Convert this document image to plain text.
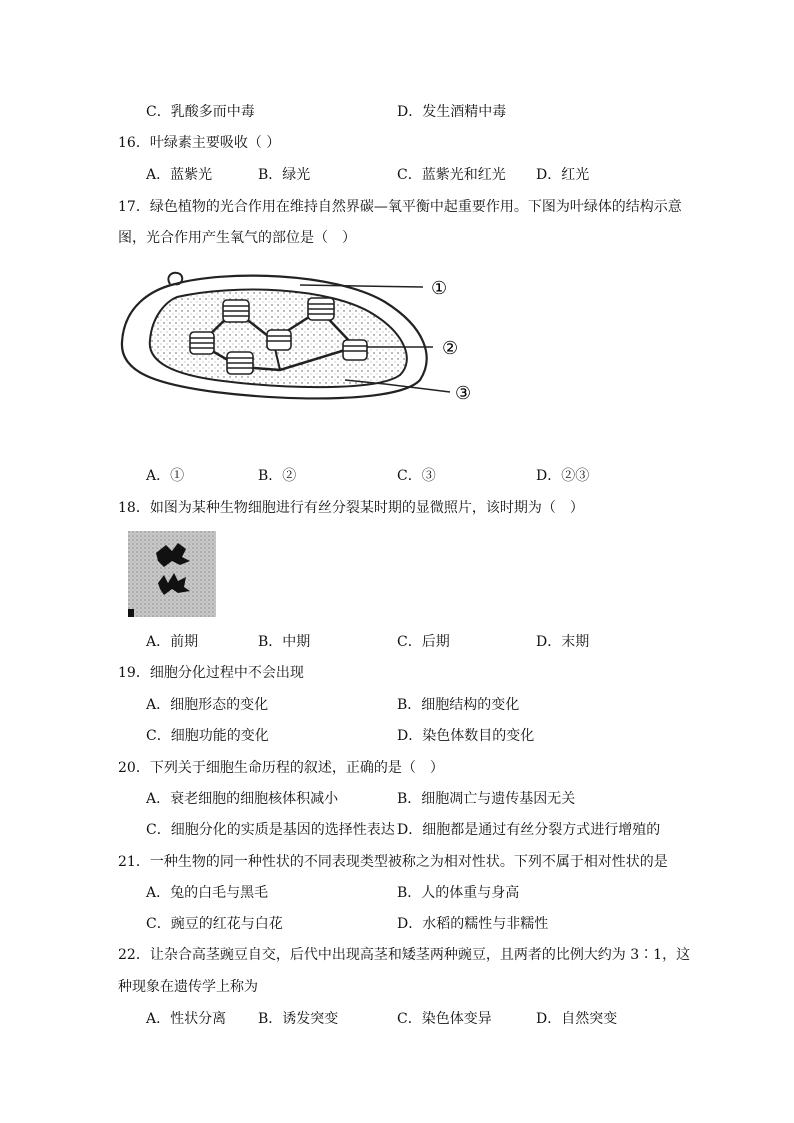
C．乳酸多而中毒	D．发生酒精中毒
16．叶绿素主要吸收（ ）
A．蓝紫光	B．绿光	C．蓝紫光和红光 D．红光
17．绿色植物的光合作用在维持自然界碳—氧平衡中起重要作用。下图为叶绿体的结构示意
图，光合作用产生氧气的部位是（　）
①
②
③
A．①	B．②	C．③	D．②③
18．如图为某种生物细胞进行有丝分裂某时期的显微照片，该时期为（　）
A．前期	B．中期	C．后期	D．末期
19．细胞分化过程中不会出现
A．细胞形态的变化	B．细胞结构的变化
C．细胞功能的变化	D．染色体数目的变化
20．下列关于细胞生命历程的叙述，正确的是（　）
A．衰老细胞的细胞核体积减小	B．细胞凋亡与遗传基因无关
C．细胞分化的实质是基因的选择性表达 D．细胞都是通过有丝分裂方式进行增殖的
21．一种生物的同一种性状的不同表现类型被称之为相对性状。下列不属于相对性状的是
A．兔的白毛与黑毛	B．人的体重与身高
C．豌豆的红花与白花	D．水稻的糯性与非糯性
22．让杂合高茎豌豆自交，后代中出现高茎和矮茎两种豌豆，且两者的比例大约为 3∶1，这
种现象在遗传学上称为
A．性状分离 B．诱发突变	C．染色体变异	D．自然突变
